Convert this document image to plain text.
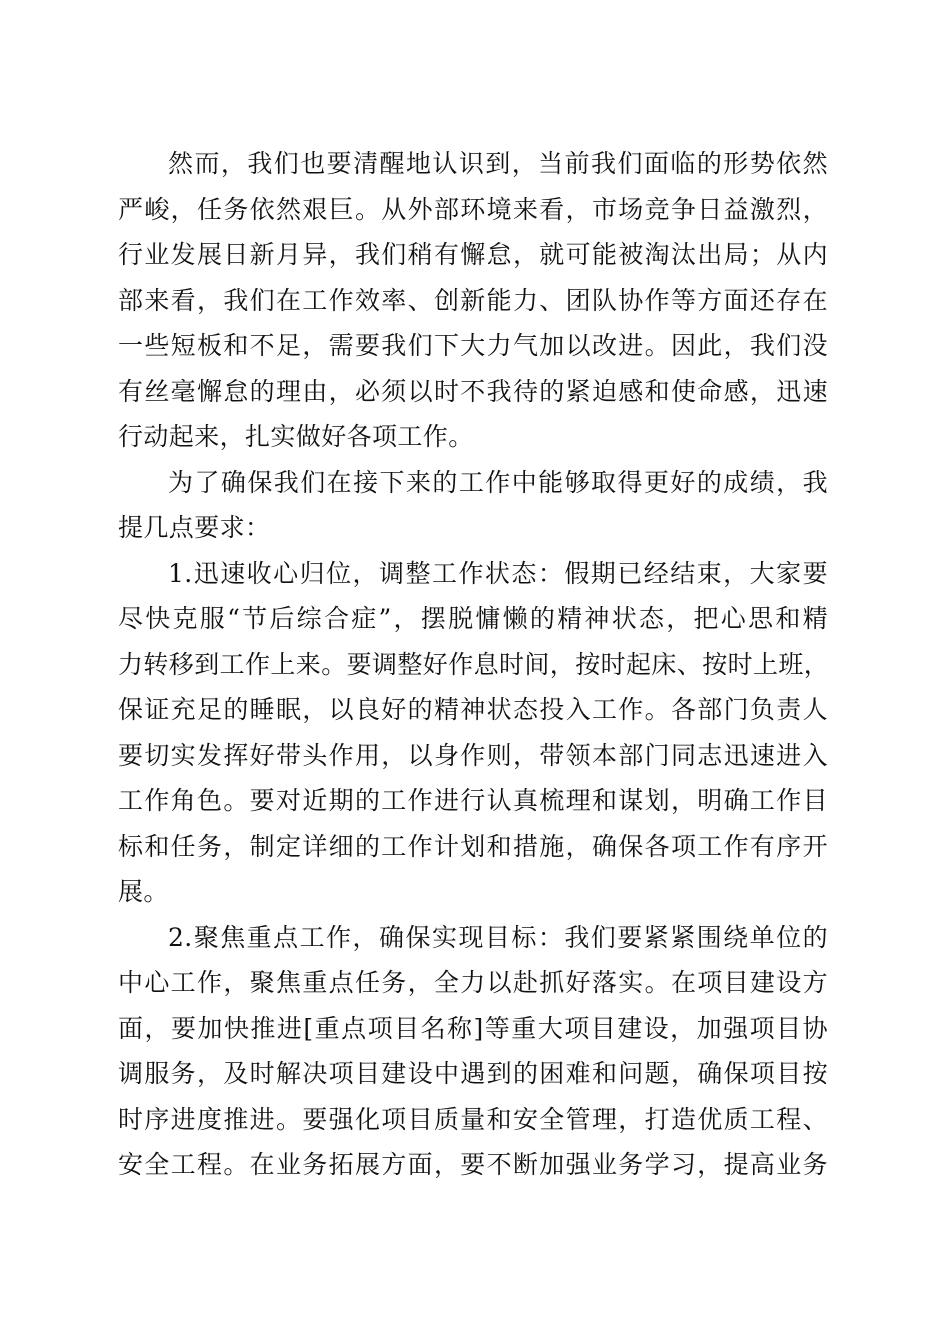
然而，我们也要清醒地认识到，当前我们面临的形势依然
严峻，任务依然艰巨。从外部环境来看，市场竞争日益激烈，
行业发展日新月异，我们稍有懈怠，就可能被淘汰出局；从内
部来看，我们在工作效率、创新能力、团队协作等方面还存在
一些短板和不足，需要我们下大力气加以改进。因此，我们没
有丝毫懈怠的理由，必须以时不我待的紧迫感和使命感，迅速
行动起来，扎实做好各项工作。
为了确保我们在接下来的工作中能够取得更好的成绩，我
提几点要求：
1.迅速收心归位，调整工作状态：假期已经结束，大家要
尽快克服“节后综合症”，摆脱慵懒的精神状态，把心思和精
力转移到工作上来。要调整好作息时间，按时起床、按时上班，
保证充足的睡眠，以良好的精神状态投入工作。各部门负责人
要切实发挥好带头作用，以身作则，带领本部门同志迅速进入
工作角色。要对近期的工作进行认真梳理和谋划，明确工作目
标和任务，制定详细的工作计划和措施，确保各项工作有序开
展。
2.聚焦重点工作，确保实现目标：我们要紧紧围绕单位的
中心工作，聚焦重点任务，全力以赴抓好落实。在项目建设方
面，要加快推进[重点项目名称]等重大项目建设，加强项目协
调服务，及时解决项目建设中遇到的困难和问题，确保项目按
时序进度推进。要强化项目质量和安全管理，打造优质工程、
安全工程。在业务拓展方面，要不断加强业务学习，提高业务
